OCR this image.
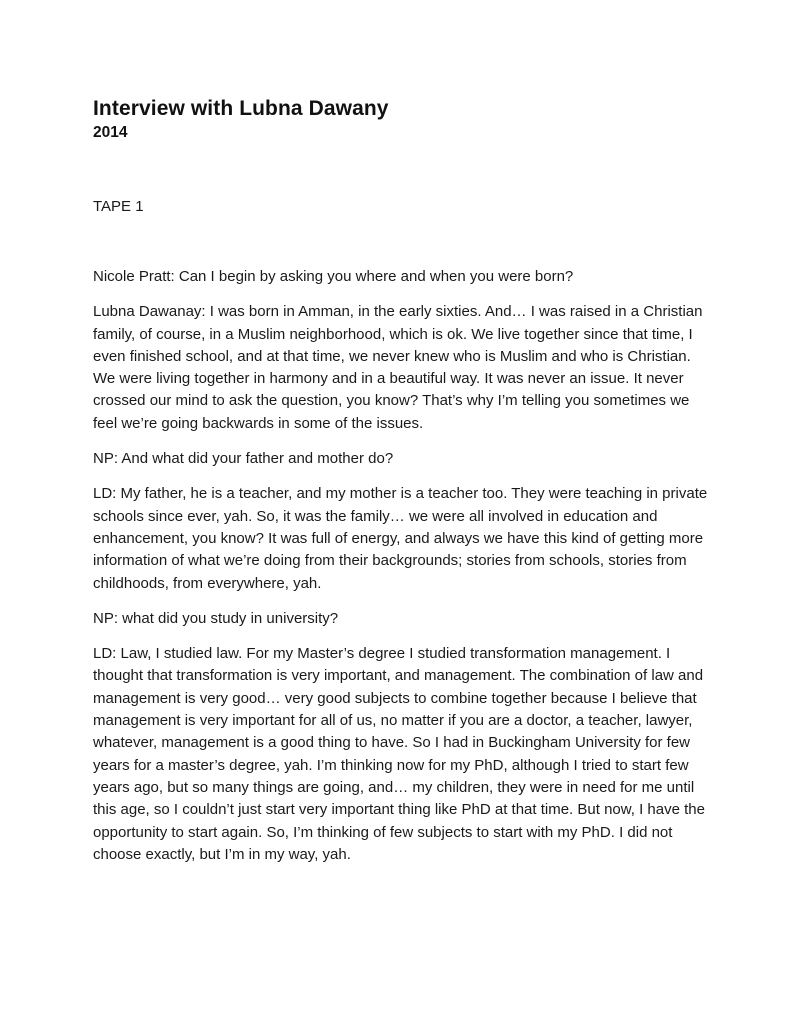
Interview with Lubna Dawany

2014

TAPE 1

Nicole Pratt: Can I begin by asking you where and when you were born?

Lubna Dawanay: I was born in Amman, in the early sixties. And… I was raised in a Christian family, of course, in a Muslim neighborhood, which is ok. We live together since that time, I even finished school, and at that time, we never knew who is Muslim and who is Christian. We were living together in harmony and in a beautiful way. It was never an issue. It never crossed our mind to ask the question, you know? That’s why I’m telling you sometimes we feel we’re going backwards in some of the issues.

NP: And what did your father and mother do?

LD: My father, he is a teacher, and my mother is a teacher too. They were teaching in private schools since ever, yah. So, it was the family… we were all involved in education and enhancement, you know? It was full of energy, and always we have this kind of getting more information of what we’re doing from their backgrounds; stories from schools, stories from childhoods, from everywhere, yah.

NP: what did you study in university?

LD: Law, I studied law. For my Master’s degree I studied transformation management. I thought that transformation is very important, and management. The combination of law and management is very good… very good subjects to combine together because I believe that management is very important for all of us, no matter if you are a doctor, a teacher, lawyer, whatever, management is a good thing to have. So I had in Buckingham University for few years for a master’s degree, yah. I’m thinking now for my PhD, although I tried to start few years ago, but so many things are going, and… my children, they were in need for me until this age, so I couldn’t just start very important thing like PhD at that time. But now, I have the opportunity to start again. So, I’m thinking of few subjects to start with my PhD. I did not choose exactly, but I’m in my way, yah.
